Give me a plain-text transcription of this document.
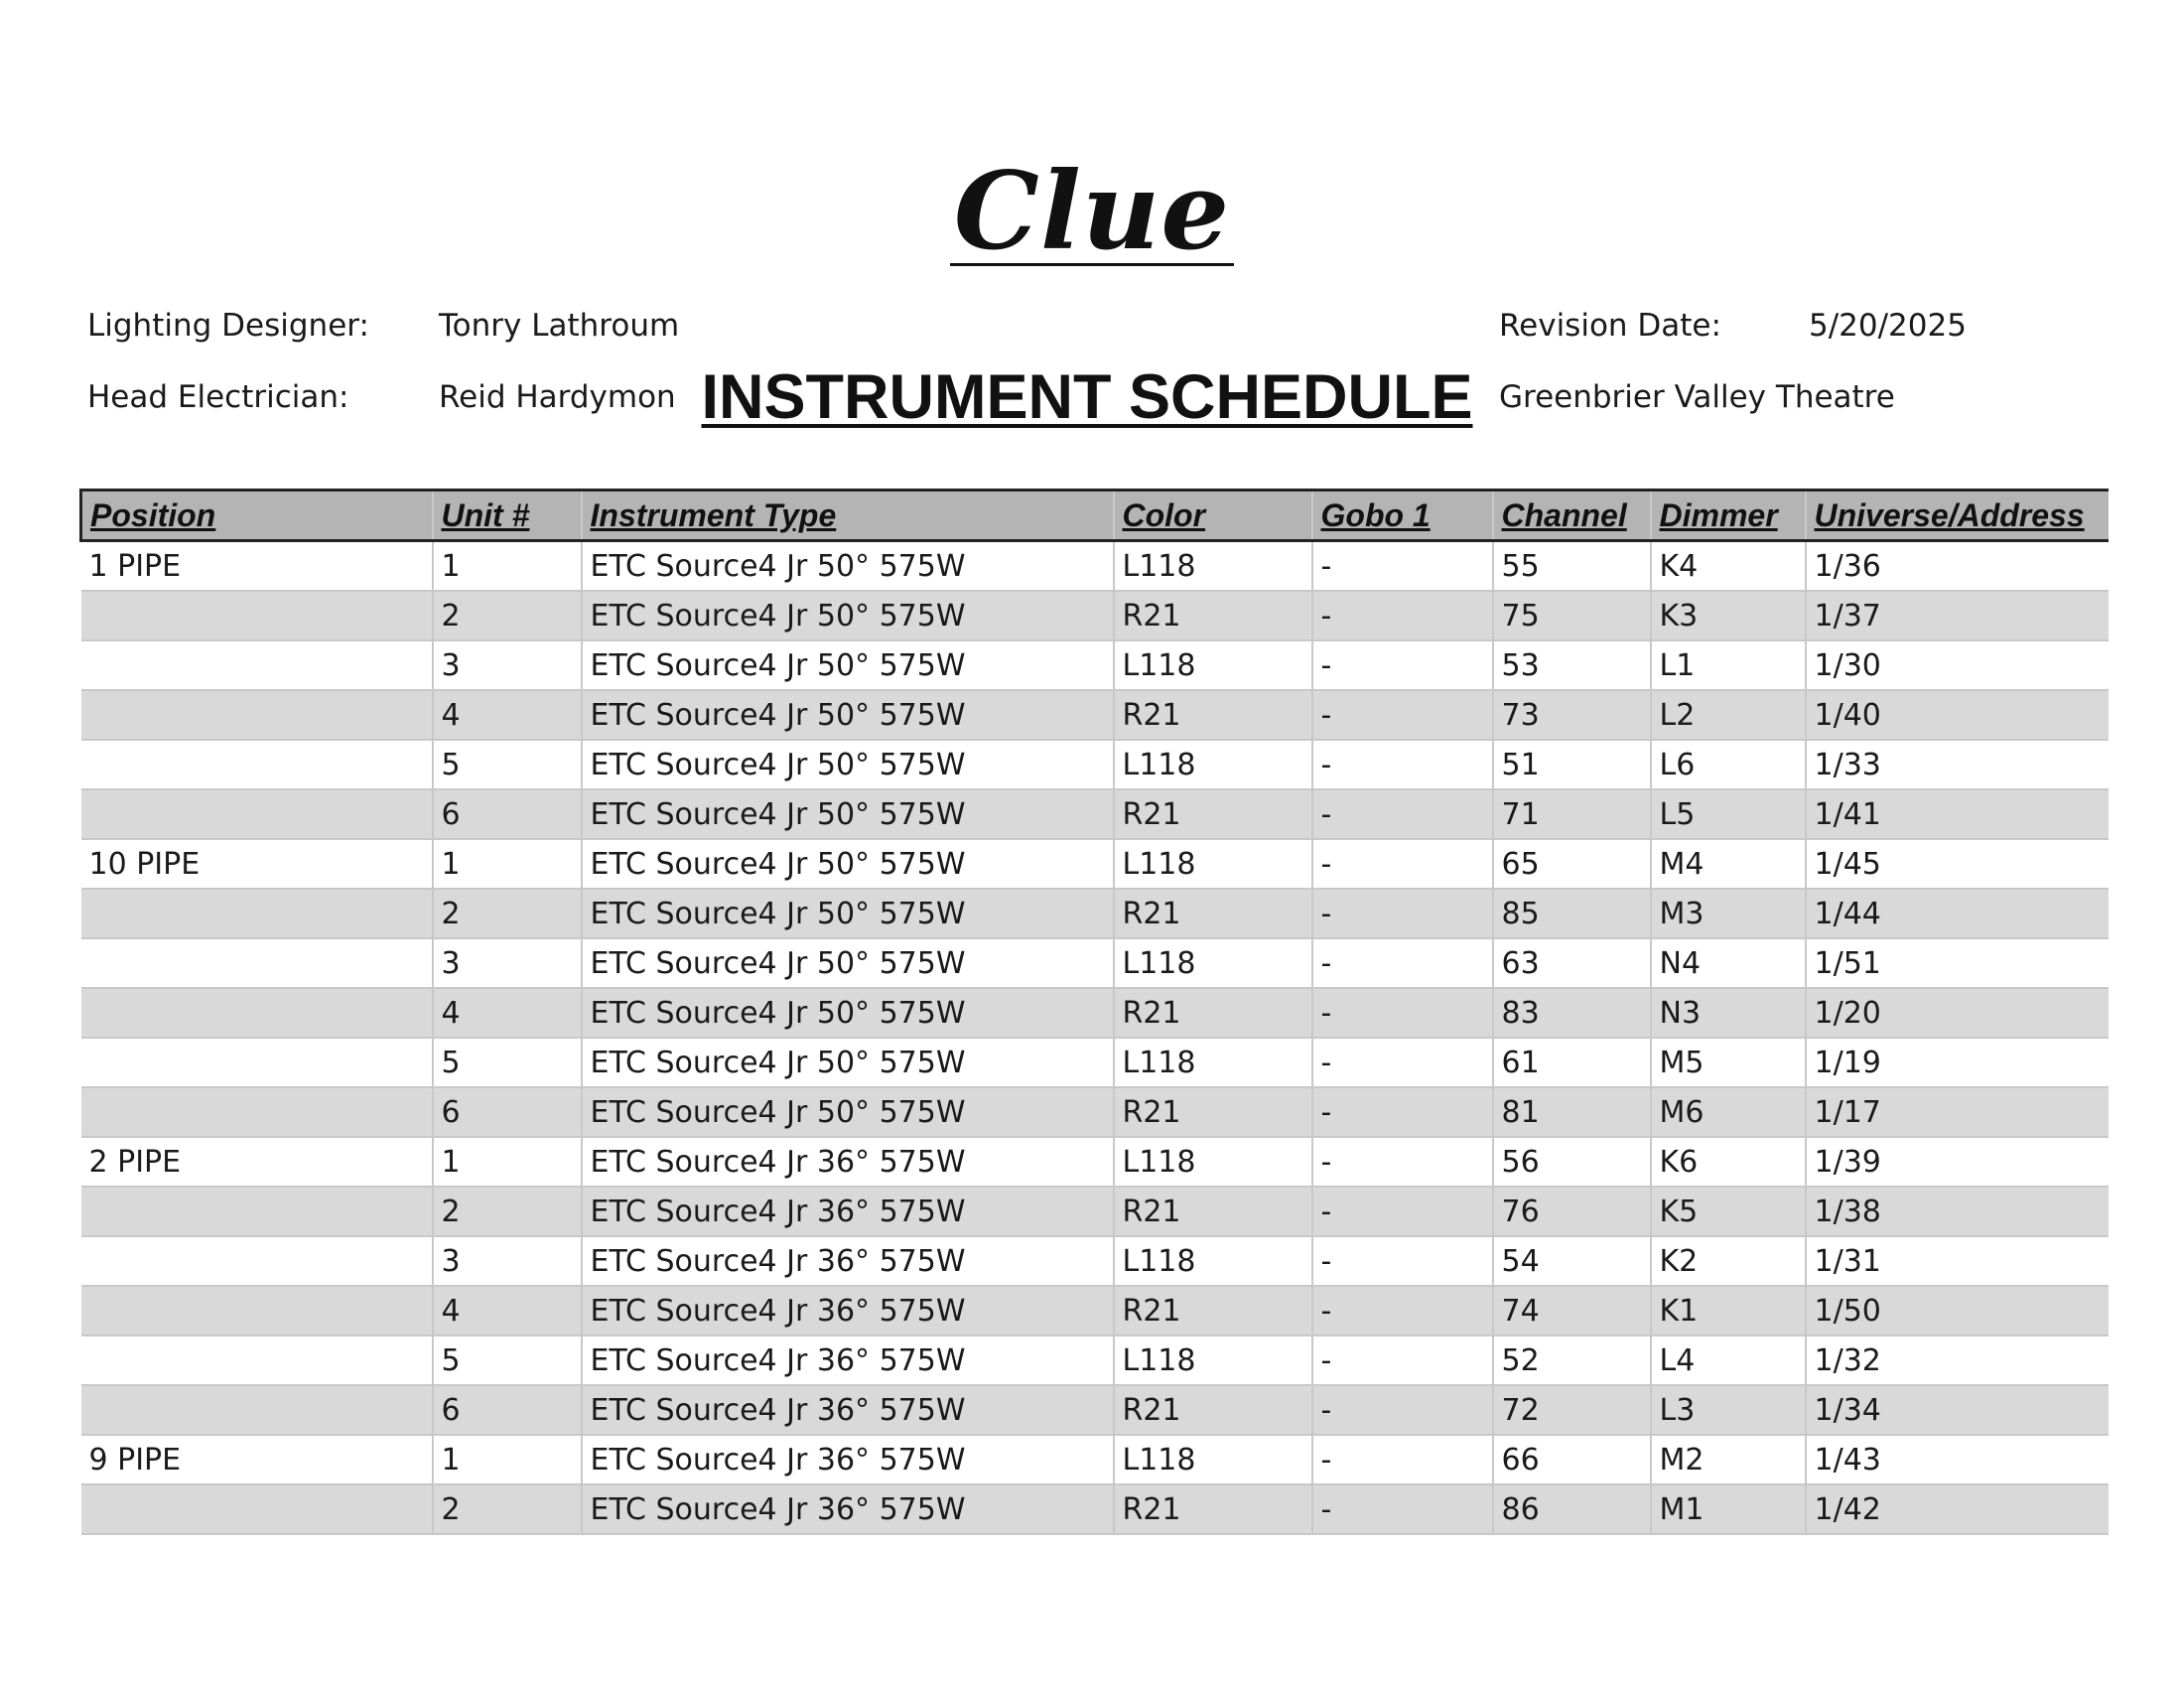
Clue
Lighting Designer: Tonry Lathroum	Revision Date:	5/20/2025
Head Electrician:	Reid Hardymon	Greenbrier Valley Theatre
INSTRUMENT SCHEDULE
Position	Unit #	Instrument Type	Color	Gobo 1	Channel	Dimmer	Universe/Address
1 PIPE	1	ETC Source4 Jr 50° 575W	L118	-	55	K4	1/36
	2	ETC Source4 Jr 50° 575W	R21	-	75	K3	1/37
	3	ETC Source4 Jr 50° 575W	L118	-	53	L1	1/30
	4	ETC Source4 Jr 50° 575W	R21	-	73	L2	1/40
	5	ETC Source4 Jr 50° 575W	L118	-	51	L6	1/33
	6	ETC Source4 Jr 50° 575W	R21	-	71	L5	1/41
10 PIPE	1	ETC Source4 Jr 50° 575W	L118	-	65	M4	1/45
	2	ETC Source4 Jr 50° 575W	R21	-	85	M3	1/44
	3	ETC Source4 Jr 50° 575W	L118	-	63	N4	1/51
	4	ETC Source4 Jr 50° 575W	R21	-	83	N3	1/20
	5	ETC Source4 Jr 50° 575W	L118	-	61	M5	1/19
	6	ETC Source4 Jr 50° 575W	R21	-	81	M6	1/17
2 PIPE	1	ETC Source4 Jr 36° 575W	L118	-	56	K6	1/39
	2	ETC Source4 Jr 36° 575W	R21	-	76	K5	1/38
	3	ETC Source4 Jr 36° 575W	L118	-	54	K2	1/31
	4	ETC Source4 Jr 36° 575W	R21	-	74	K1	1/50
	5	ETC Source4 Jr 36° 575W	L118	-	52	L4	1/32
	6	ETC Source4 Jr 36° 575W	R21	-	72	L3	1/34
9 PIPE	1	ETC Source4 Jr 36° 575W	L118	-	66	M2	1/43
	2	ETC Source4 Jr 36° 575W	R21	-	86	M1	1/42
